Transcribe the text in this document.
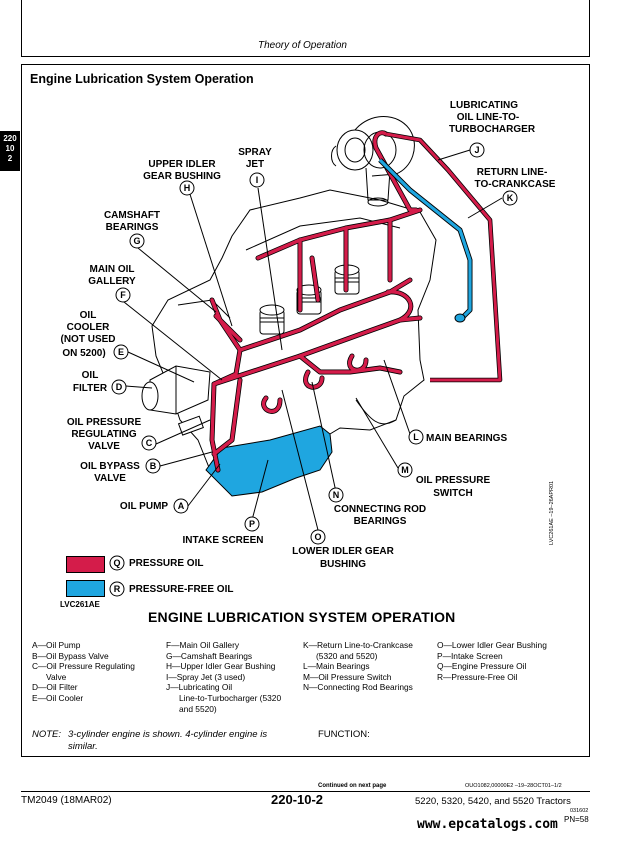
Theory of Operation
220
10
2
Engine Lubrication System Operation
J
K
I
H
G
F
E
D
C
B
A
P
O
N
M
L
Q
R
LUBRICATING
OIL LINE-TO-
TURBOCHARGER
RETURN LINE-
TO-CRANKCASE
SPRAY
JET
UPPER IDLER
GEAR BUSHING
CAMSHAFT
BEARINGS
MAIN OIL
GALLERY
OIL
COOLER
(NOT USED
ON 5200)
OIL
FILTER
OIL PRESSURE
REGULATING
VALVE
OIL BYPASS
VALVE
OIL PUMP
INTAKE SCREEN
LOWER IDLER GEAR
BUSHING
CONNECTING ROD
BEARINGS
OIL PRESSURE
SWITCH
MAIN BEARINGS
PRESSURE OIL
PRESSURE-FREE OIL
LVC261AE
LVC261AE –19–26APR01
ENGINE LUBRICATION SYSTEM OPERATION
A—Oil Pump
B—Oil Bypass Valve
C—Oil Pressure Regulating
Valve
D—Oil Filter
E—Oil Cooler
F—Main Oil Gallery
G—Camshaft Bearings
H—Upper Idler Gear Bushing
I—Spray Jet (3 used)
J—Lubricating Oil
Line-to-Turbocharger (5320
and 5520)
K—Return Line-to-Crankcase
(5320 and 5520)
L—Main Bearings
M—Oil Pressure Switch
N—Connecting Rod Bearings
O—Lower Idler Gear Bushing
P—Intake Screen
Q—Engine Pressure Oil
R—Pressure-Free Oil
NOTE: 3-cylinder engine is shown. 4-cylinder engine is similar.
FUNCTION:
Continued on next page	OUO1082,00000E2 –19–28OCT01–1/2
TM2049 (18MAR02)	220-10-2	5220, 5320, 5420, and 5520 Tractors
031602
PN=58
www.epcatalogs.com
